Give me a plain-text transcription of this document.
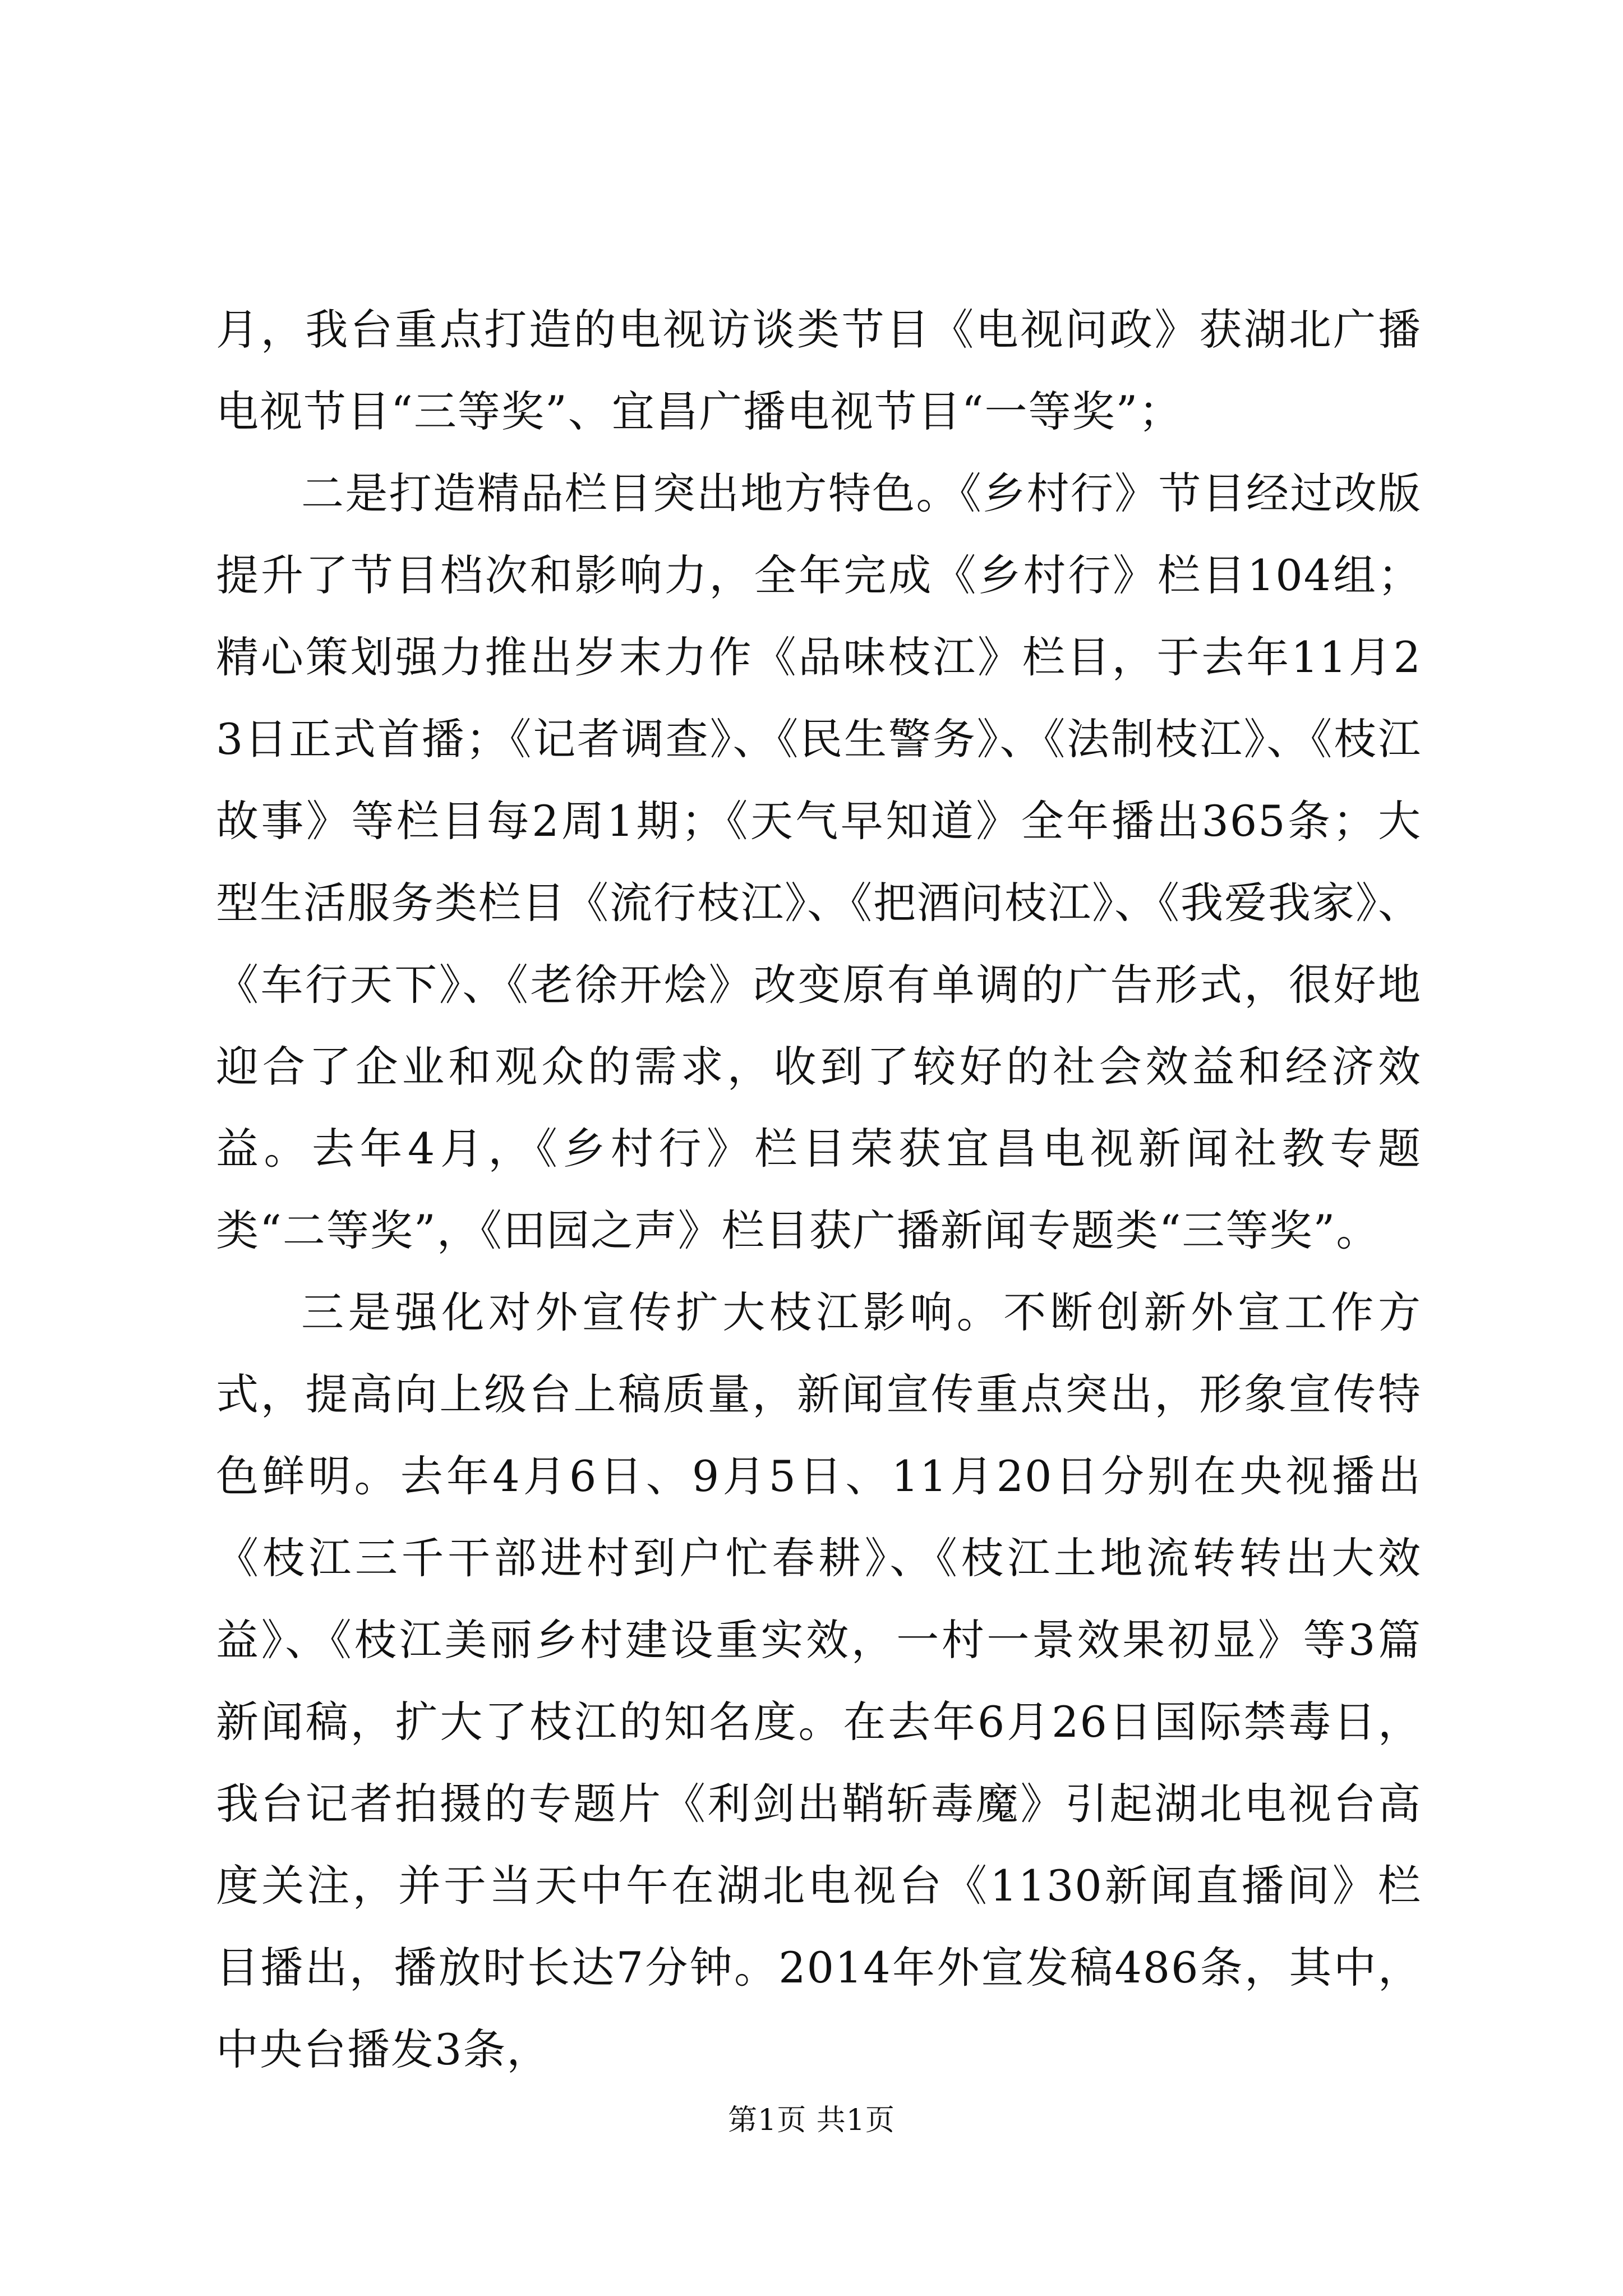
月，我台重点打造的电视访谈类节目《电视问政》获湖北广播电视节目“三等奖”、宜昌广播电视节目“一等奖”；

二是打造精品栏目突出地方特色。《乡村行》节目经过改版提升了节目档次和影响力，全年完成《乡村行》栏目104组；精心策划强力推出岁末力作《品味枝江》栏目，于去年11月23日正式首播；《记者调查》、《民生警务》、《法制枝江》、《枝江故事》等栏目每2周1期；《天气早知道》全年播出365条；大型生活服务类栏目《流行枝江》、《把酒问枝江》、《我爱我家》、《车行天下》、《老徐开烩》改变原有单调的广告形式，很好地迎合了企业和观众的需求，收到了较好的社会效益和经济效益。去年4月，《乡村行》栏目荣获宜昌电视新闻社教专题类“二等奖”，《田园之声》栏目获广播新闻专题类“三等奖”。

三是强化对外宣传扩大枝江影响。不断创新外宣工作方式，提高向上级台上稿质量，新闻宣传重点突出，形象宣传特色鲜明。去年4月6日、9月5日、11月20日分别在央视播出《枝江三千干部进村到户忙春耕》、《枝江土地流转转出大效益》、《枝江美丽乡村建设重实效，一村一景效果初显》等3篇新闻稿，扩大了枝江的知名度。在去年6月26日国际禁毒日，我台记者拍摄的专题片《利剑出鞘斩毒魔》引起湖北电视台高度关注，并于当天中午在湖北电视台《1130新闻直播间》栏目播出，播放时长达7分钟。2014年外宣发稿486条，其中，中央台播发3条，

第1页 共1页
